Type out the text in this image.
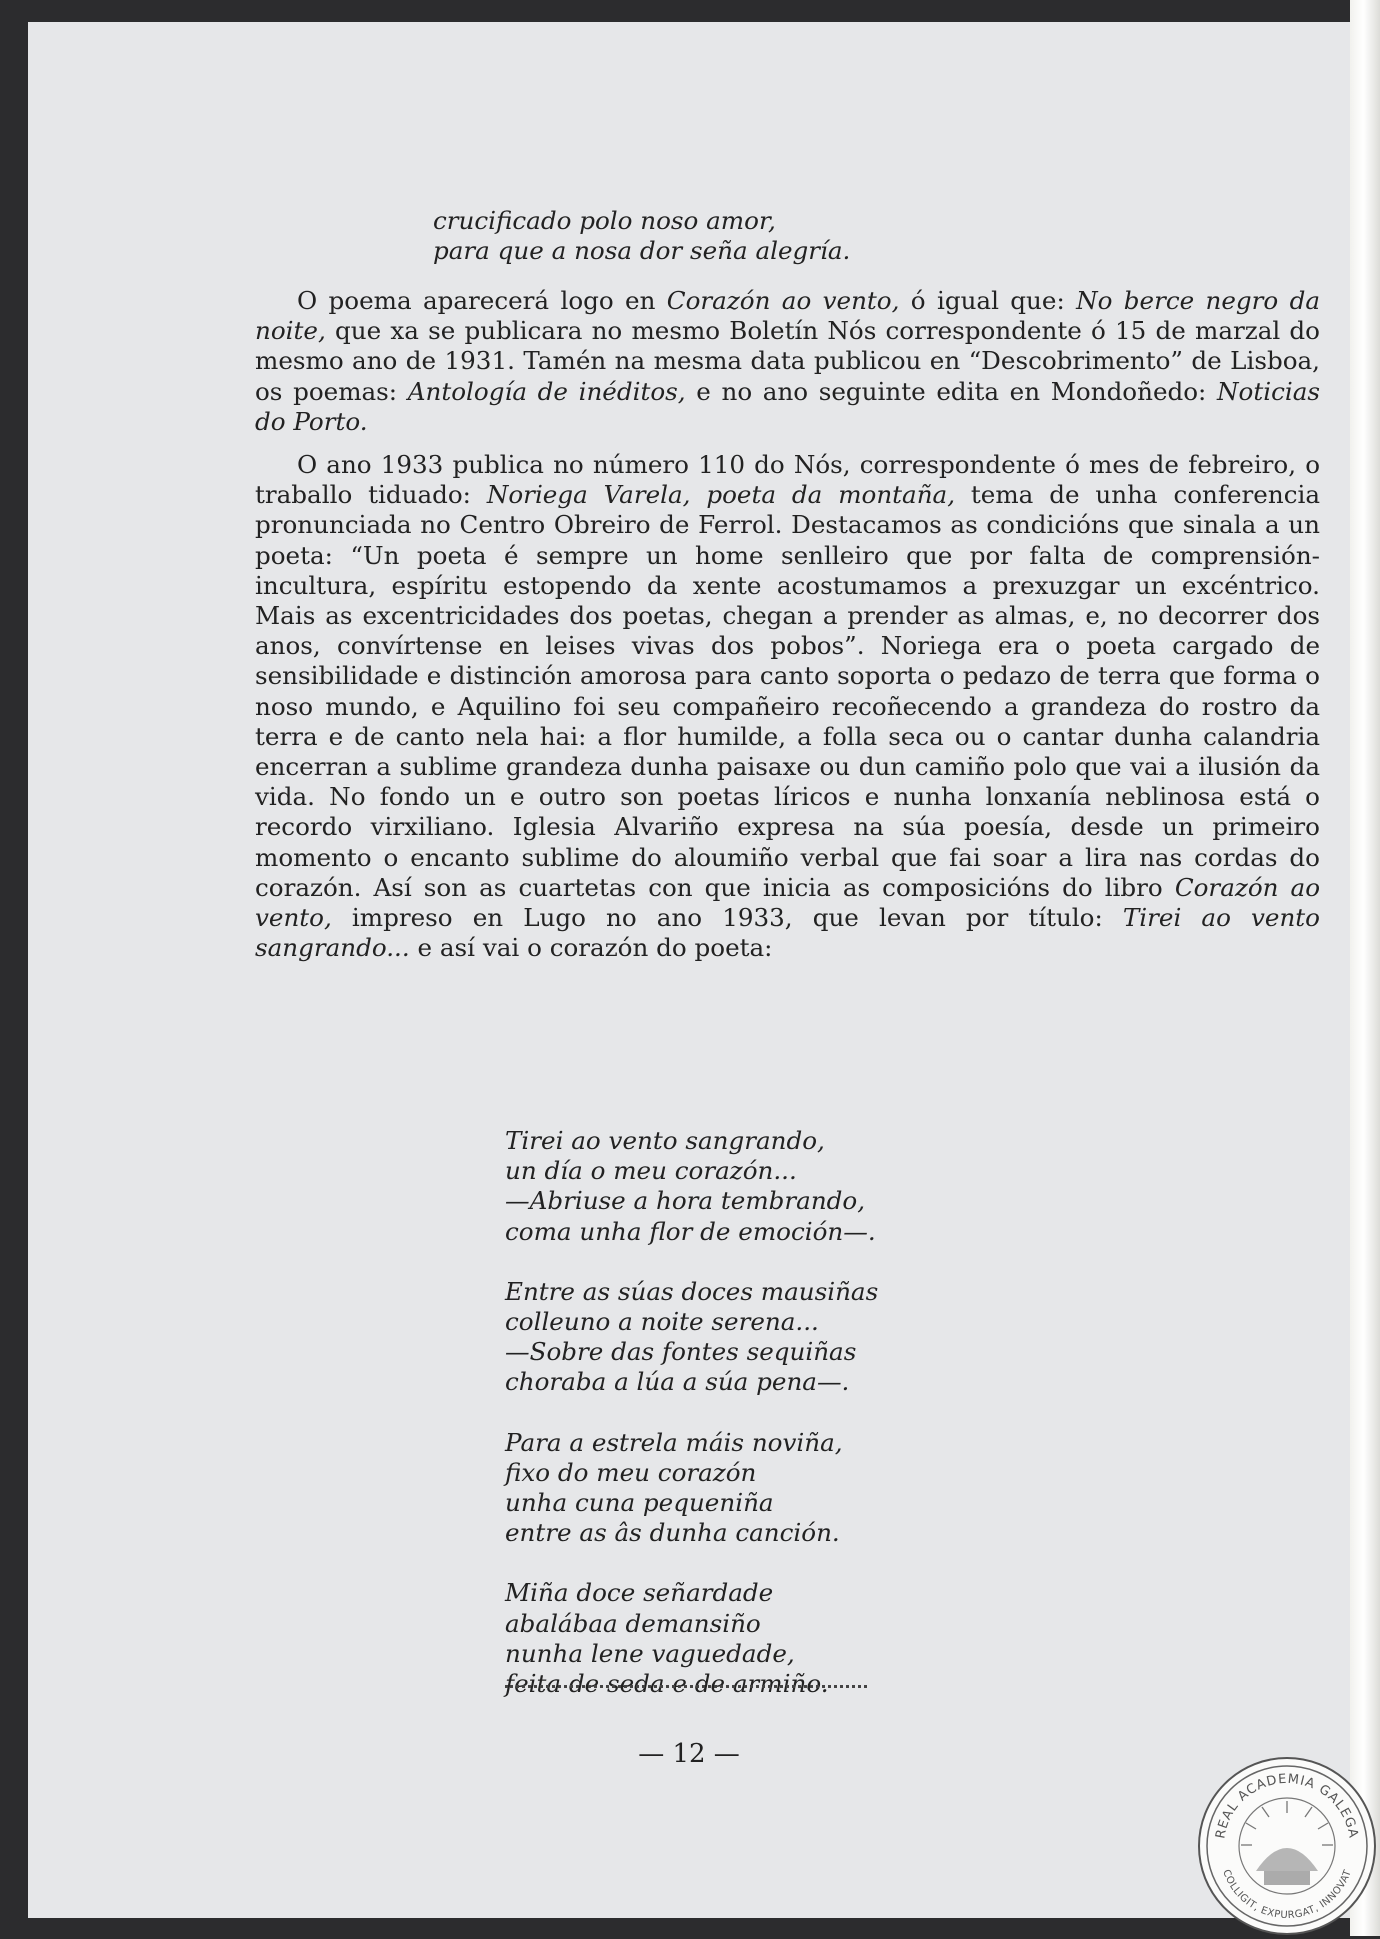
crucificado polo noso amor,
para que a nosa dor seña alegría.

O poema aparecerá logo en Corazón ao vento, ó igual que: No berce negro da noite, que xa se publicara no mesmo Boletín Nós correspondente ó 15 de marzal do mesmo ano de 1931. Tamén na mesma data publicou en “Descobrimento” de Lisboa, os poemas: Antología de inéditos, e no ano seguinte edita en Mondoñedo: Noticias do Porto.

O ano 1933 publica no número 110 do Nós, correspondente ó mes de febreiro, o traballo tiduado: Noriega Varela, poeta da montaña, tema de unha conferencia pronunciada no Centro Obreiro de Ferrol. Destacamos as condicións que sinala a un poeta: “Un poeta é sempre un home senlleiro que por falta de comprensión-incultura, espíritu estopendo da xente acostumamos a prexuzgar un excéntrico. Mais as excentricidades dos poetas, chegan a prender as almas, e, no decorrer dos anos, convírtense en leises vivas dos pobos”. Noriega era o poeta cargado de sensibilidade e distinción amorosa para canto soporta o pedazo de terra que forma o noso mundo, e Aquilino foi seu compañeiro recoñecendo a grandeza do rostro da terra e de canto nela hai: a flor humilde, a folla seca ou o cantar dunha calandria encerran a sublime grandeza dunha paisaxe ou dun camiño polo que vai a ilusión da vida. No fondo un e outro son poetas líricos e nunha lonxanía neblinosa está o recordo virxiliano. Iglesia Alvariño expresa na súa poesía, desde un primeiro momento o encanto sublime do aloumiño verbal que fai soar a lira nas cordas do corazón. Así son as cuartetas con que inicia as composicións do libro Corazón ao vento, impreso en Lugo no ano 1933, que levan por título: Tirei ao vento sangrando... e así vai o corazón do poeta:

Tirei ao vento sangrando,
un día o meu corazón...
—Abriuse a hora tembrando,
coma unha flor de emoción—.
Entre as súas doces mausiñas
colleuno a noite serena...
—Sobre das fontes sequiñas
choraba a lúa a súa pena—.
Para a estrela máis noviña,
fixo do meu corazón
unha cuna pequeniña
entre as âs dunha canción.
Miña doce señardade
abalábaa demansiño
nunha lene vaguedade,
feita de seda e de armiño.
— 12 —
REAL ACADEMIA GALEGA
COLLIGIT, EXPURGAT, INNOVAT
